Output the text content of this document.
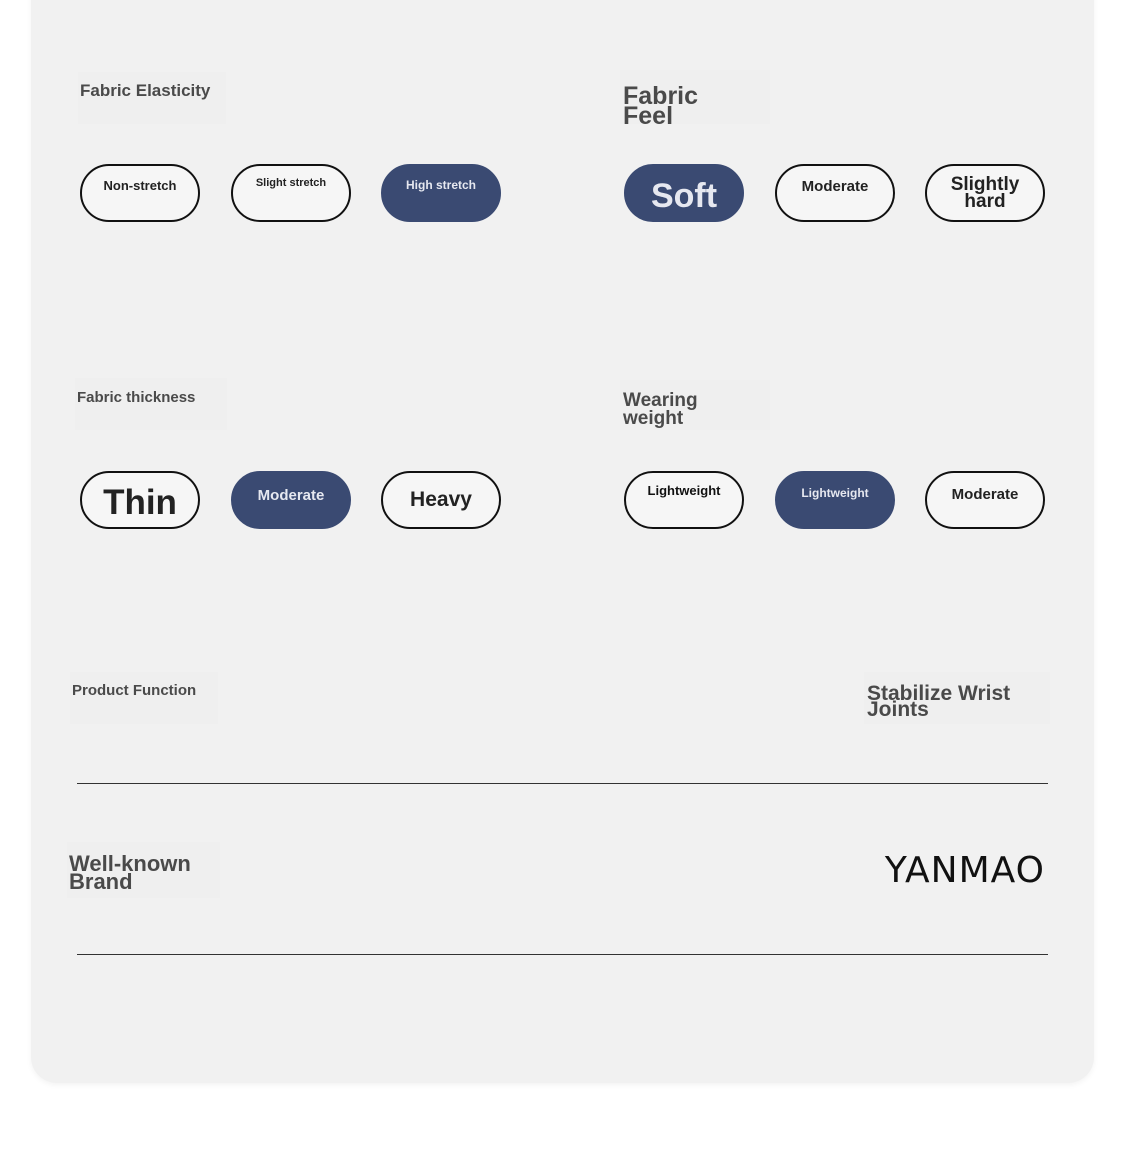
Fabric Elasticity
Non-stretch	Slight stretch	High stretch
Fabric Feel
Soft	Moderate	Slightly hard
Fabric thickness
Thin	Moderate	Heavy
Wearing weight
Lightweight	Lightweight	Moderate
Product Function	Stabilize Wrist Joints
Well-known Brand	YANMAO
